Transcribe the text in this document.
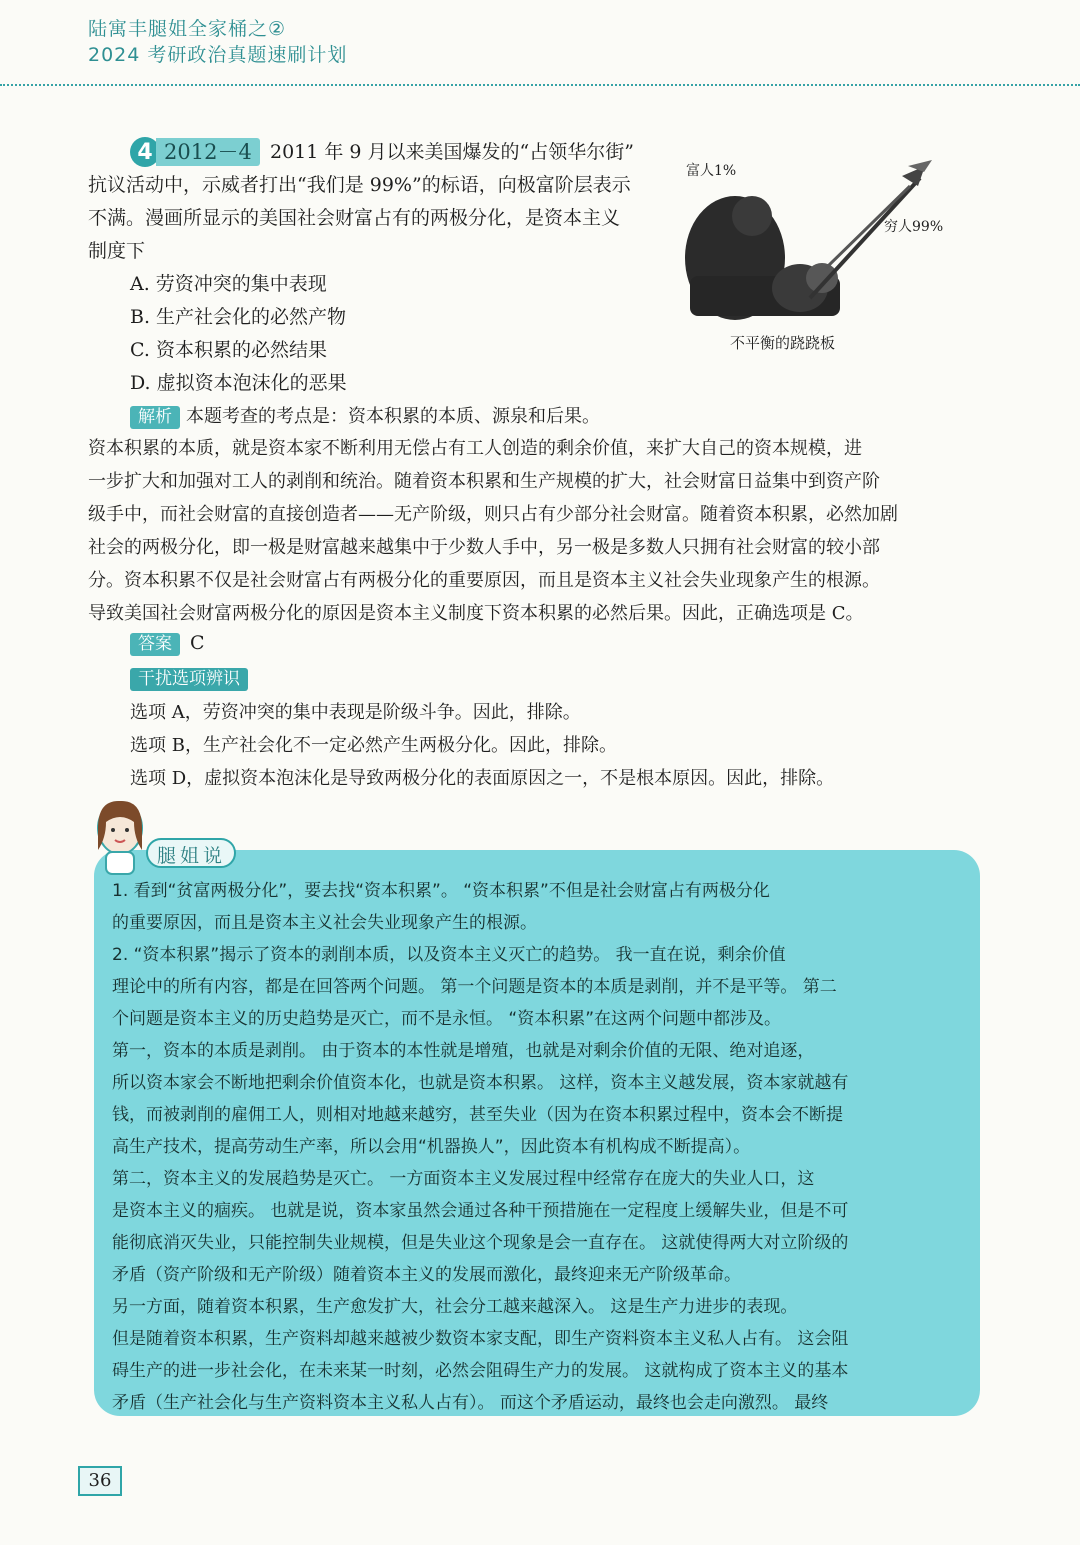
陆寓丰腿姐全家桶之②
2024 考研政治真题速刷计划
4 2012－4 2011 年 9 月以来美国爆发的“占领华尔街”
抗议活动中，示威者打出“我们是 99%”的标语，向极富阶层表示
不满。漫画所显示的美国社会财富占有的两极分化，是资本主义
制度下
A. 劳资冲突的集中表现
B. 生产社会化的必然产物
C. 资本积累的必然结果
D. 虚拟资本泡沫化的恶果
富人1%
穷人99%
不平衡的跷跷板
解析 本题考查的考点是：资本积累的本质、源泉和后果。
资本积累的本质，就是资本家不断利用无偿占有工人创造的剩余价值，来扩大自己的资本规模，进
一步扩大和加强对工人的剥削和统治。随着资本积累和生产规模的扩大，社会财富日益集中到资产阶
级手中，而社会财富的直接创造者——无产阶级，则只占有少部分社会财富。随着资本积累，必然加剧
社会的两极分化，即一极是财富越来越集中于少数人手中，另一极是多数人只拥有社会财富的较小部
分。资本积累不仅是社会财富占有两极分化的重要原因，而且是资本主义社会失业现象产生的根源。
导致美国社会财富两极分化的原因是资本主义制度下资本积累的必然后果。因此，正确选项是 C。
答案 C
干扰选项辨识
选项 A，劳资冲突的集中表现是阶级斗争。因此，排除。
选项 B，生产社会化不一定必然产生两极分化。因此，排除。
选项 D，虚拟资本泡沫化是导致两极分化的表面原因之一，不是根本原因。因此，排除。
1. 看到“贫富两极分化”，要去找“资本积累”。 “资本积累”不但是社会财富占有两极分化
的重要原因，而且是资本主义社会失业现象产生的根源。
2. “资本积累”揭示了资本的剥削本质，以及资本主义灭亡的趋势。 我一直在说，剩余价值
理论中的所有内容，都是在回答两个问题。 第一个问题是资本的本质是剥削，并不是平等。 第二
个问题是资本主义的历史趋势是灭亡，而不是永恒。 “资本积累”在这两个问题中都涉及。
第一，资本的本质是剥削。 由于资本的本性就是增殖，也就是对剩余价值的无限、绝对追逐，
所以资本家会不断地把剩余价值资本化，也就是资本积累。 这样，资本主义越发展，资本家就越有
钱，而被剥削的雇佣工人，则相对地越来越穷，甚至失业（因为在资本积累过程中，资本会不断提
高生产技术，提高劳动生产率，所以会用“机器换人”，因此资本有机构成不断提高）。
第二，资本主义的发展趋势是灭亡。 一方面资本主义发展过程中经常存在庞大的失业人口，这
是资本主义的痼疾。 也就是说，资本家虽然会通过各种干预措施在一定程度上缓解失业，但是不可
能彻底消灭失业，只能控制失业规模，但是失业这个现象是会一直存在。 这就使得两大对立阶级的
矛盾（资产阶级和无产阶级）随着资本主义的发展而激化，最终迎来无产阶级革命。
另一方面，随着资本积累，生产愈发扩大，社会分工越来越深入。 这是生产力进步的表现。
但是随着资本积累，生产资料却越来越被少数资本家支配，即生产资料资本主义私人占有。 这会阻
碍生产的进一步社会化，在未来某一时刻，必然会阻碍生产力的发展。 这就构成了资本主义的基本
矛盾（生产社会化与生产资料资本主义私人占有）。 而这个矛盾运动，最终也会走向激烈。 最终
腿姐说
36
